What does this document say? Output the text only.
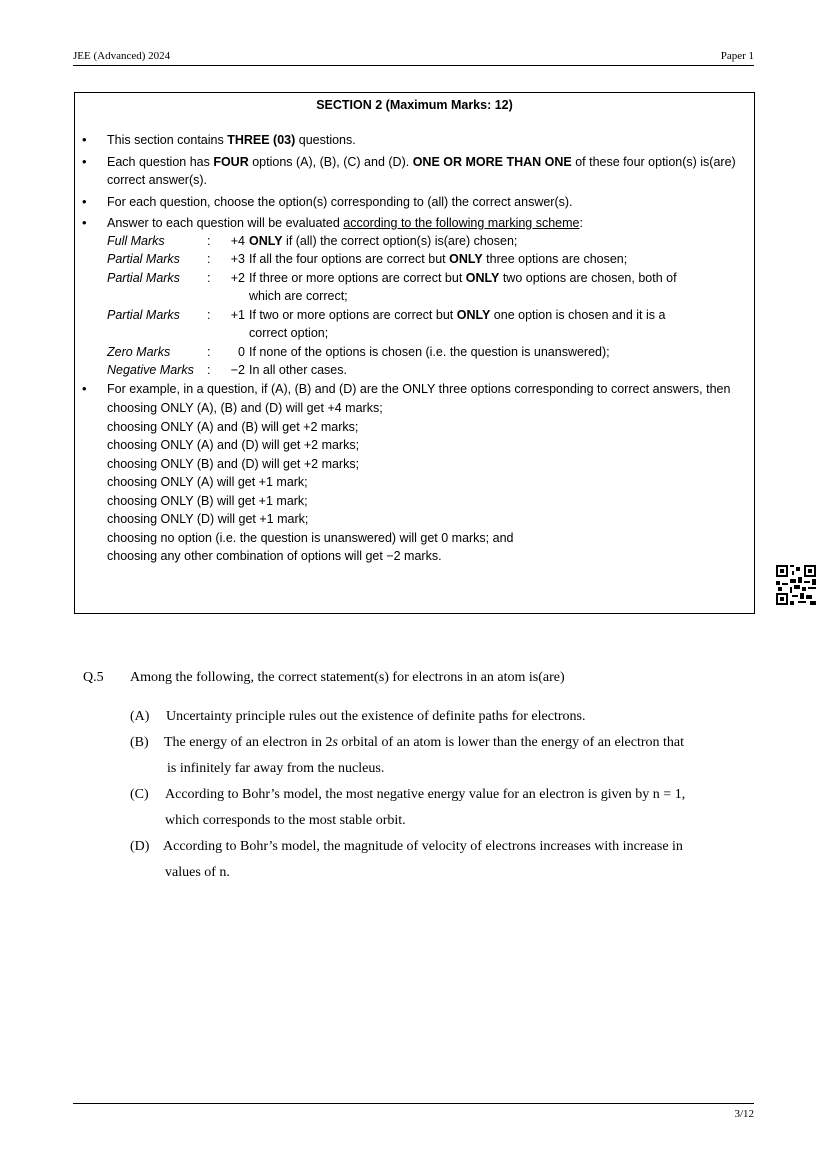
JEE (Advanced) 2024	Paper 1
SECTION 2 (Maximum Marks: 12)
• This section contains THREE (03) questions.
• Each question has FOUR options (A), (B), (C) and (D). ONE OR MORE THAN ONE of these four option(s) is(are) correct answer(s).
• For each question, choose the option(s) corresponding to (all) the correct answer(s).
• Answer to each question will be evaluated according to the following marking scheme:
Full Marks	:	+4 ONLY if (all) the correct option(s) is(are) chosen;
Partial Marks :	+3 If all the four options are correct but ONLY three options are chosen;
Partial Marks :	+2 If three or more options are correct but ONLY two options are chosen, both of
which are correct;
Partial Marks :	+1 If two or more options are correct but ONLY one option is chosen and it is a
correct option;
Zero Marks	:	0 If none of the options is chosen (i.e. the question is unanswered);
Negative Marks :	−2 In all other cases.
• For example, in a question, if (A), (B) and (D) are the ONLY three options corresponding to correct answers, then
choosing ONLY (A), (B) and (D) will get +4 marks;
choosing ONLY (A) and (B) will get +2 marks;
choosing ONLY (A) and (D) will get +2 marks;
choosing ONLY (B) and (D) will get +2 marks;
choosing ONLY (A) will get +1 mark;
choosing ONLY (B) will get +1 mark;
choosing ONLY (D) will get +1 mark;
choosing no option (i.e. the question is unanswered) will get 0 marks; and
choosing any other combination of options will get −2 marks.
Q.5 Among the following, the correct statement(s) for electrons in an atom is(are)
(A) Uncertainty principle rules out the existence of definite paths for electrons.
(B) The energy of an electron in 2s orbital of an atom is lower than the energy of an electron that
is infinitely far away from the nucleus.
(C) According to Bohr’s model, the most negative energy value for an electron is given by n = 1,
which corresponds to the most stable orbit.
(D) According to Bohr’s model, the magnitude of velocity of electrons increases with increase in
values of n.
3/12
